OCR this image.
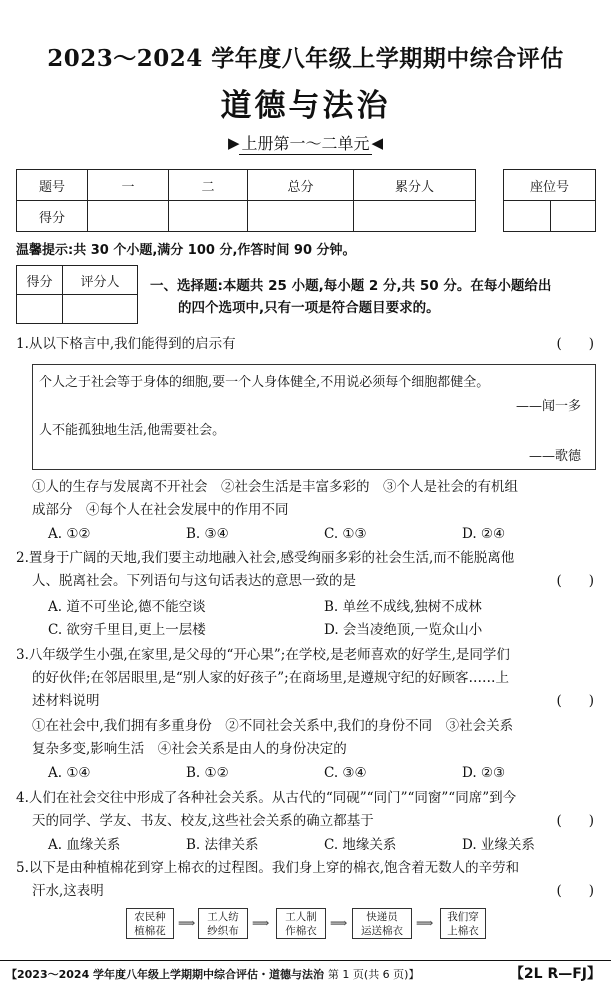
2023～2024 学年度八年级上学期期中综合评估
道德与法治
▶ 上册第一～二单元 ◀
题号	一	二	总分	累分人
得分				
座位号

温馨提示:共 30 个小题,满分 100 分,作答时间 90 分钟。
得分	评分人
	一、选择题:本题共 25 小题,每小题 2 分,共 50 分。在每小题给出
的四个选项中,只有一项是符合题目要求的。
1.从以下格言中,我们能得到的启示有	(　　)
个人之于社会等于身体的细胞,要一个人身体健全,不用说必须每个细胞都健全。
——闻一多
人不能孤独地生活,他需要社会。
——歌德
①人的生存与发展离不开社会　②社会生活是丰富多彩的　③个人是社会的有机组
成部分　④每个人在社会发展中的作用不同
A. ①②	B. ③④	C. ①③	D. ②④
2.置身于广阔的天地,我们要主动地融入社会,感受绚丽多彩的社会生活,而不能脱离他
人、脱离社会。下列语句与这句话表达的意思一致的是	(　　)
A. 道不可坐论,德不能空谈	B. 单丝不成线,独树不成林
C. 欲穷千里目,更上一层楼	D. 会当凌绝顶,一览众山小
3.八年级学生小强,在家里,是父母的“开心果”;在学校,是老师喜欢的好学生,是同学们
的好伙伴;在邻居眼里,是“别人家的好孩子”;在商场里,是遵规守纪的好顾客……上
述材料说明	(　　)
①在社会中,我们拥有多重身份　②不同社会关系中,我们的身份不同　③社会关系
复杂多变,影响生活　④社会关系是由人的身份决定的
A. ①④	B. ①②	C. ③④	D. ②③
4.人们在社会交往中形成了各种社会关系。从古代的“同砚”“同门”“同窗”“同席”到今
天的同学、学友、书友、校友,这些社会关系的确立都基于	(　　)
A. 血缘关系	B. 法律关系	C. 地缘关系	D. 业缘关系
5.以下是由种植棉花到穿上棉衣的过程图。我们身上穿的棉衣,饱含着无数人的辛劳和
汗水,这表明	(　　)
农民种
植棉花
⟹	工人纺
纱织布
⟹	工人制
作棉衣
⟹	快递员
运送棉衣
⟹	我们穿
上棉衣
【2023～2024 学年度八年级上学期期中综合评估・道德与法治 第 1 页(共 6 页)】	【2L R—FJ】
